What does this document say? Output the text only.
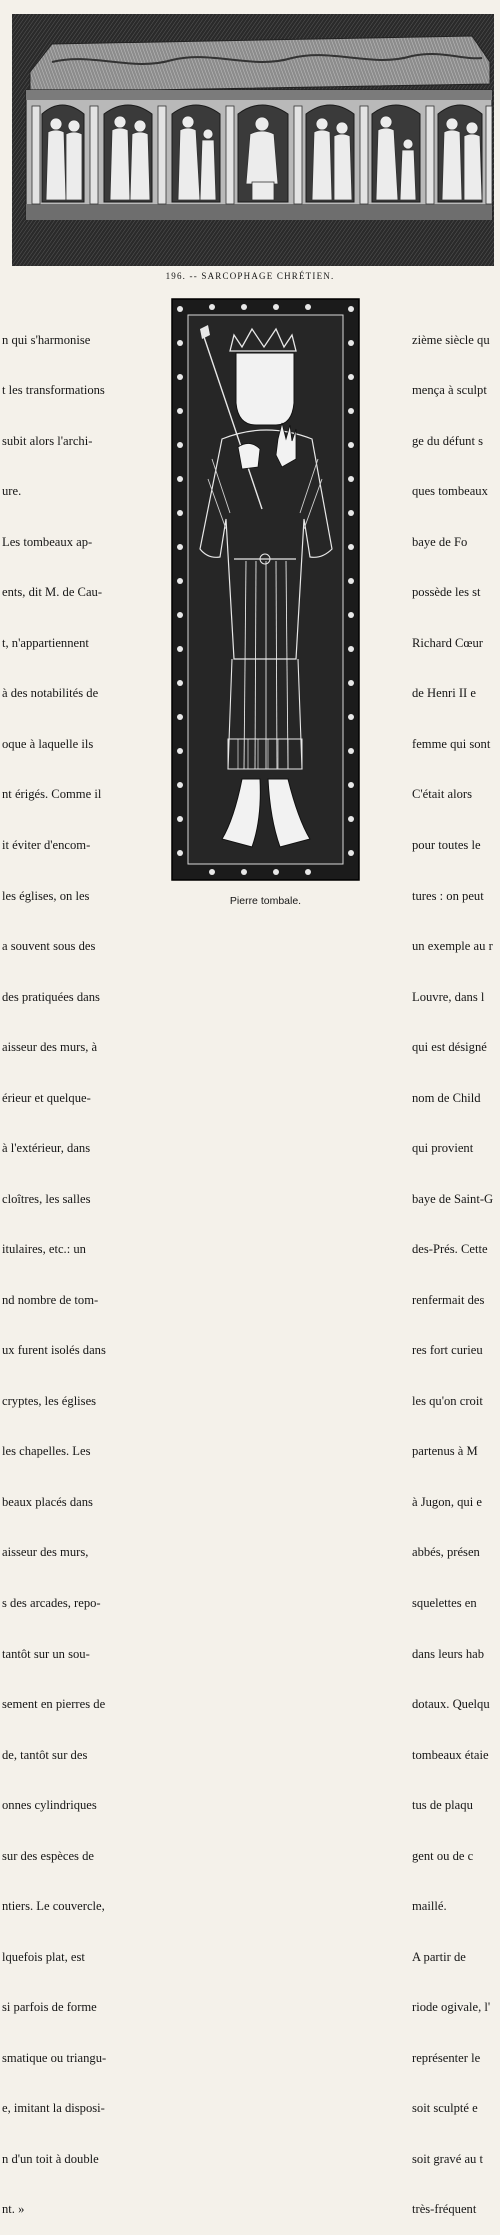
196. -- SARCOPHAGE CHRÉTIEN.

n qui s'harmonise

t les transformations

subit alors l'archi-

ure.

Les tombeaux ap-

ents, dit M. de Cau-

t, n'appartiennent

à des notabilités de

oque à laquelle ils

nt érigés. Comme il

it éviter d'encom-

les églises, on les

a souvent sous des

des pratiquées dans

aisseur des murs, à

érieur et quelque-

à l'extérieur, dans

cloîtres, les salles

itulaires, etc.: un

nd nombre de tom-

ux furent isolés dans

cryptes, les églises

les chapelles. Les

beaux placés dans

aisseur des murs,

s des arcades, repo-

tantôt sur un sou-

sement en pierres de

de, tantôt sur des

onnes cylindriques

sur des espèces de

ntiers. Le couvercle,

lquefois plat, est

si parfois de forme

smatique ou triangu-

e, imitant la disposi-

n d'un toit à double

nt. »

Pierre tombale.

zième siècle qu

mença à sculpt

ge du défunt s

ques tombeaux

baye de Fo

possède les st

Richard Cœur

de Henri II e

femme qui sont

C'était alors

pour toutes le

tures : on peut

un exemple au r

Louvre, dans l

qui est désigné

nom de Child

qui provient

baye de Saint-G

des-Prés. Cette

renfermait des

res fort curieu

les qu'on croit

partenus à M

à Jugon, qui e

abbés, présen

squelettes en

dans leurs hab

dotaux. Quelqu

tombeaux étaie

tus de plaqu

gent ou de c

maillé.

A partir de

riode ogivale, l'

représenter le

soit sculpté e

soit gravé au t

très-fréquent
